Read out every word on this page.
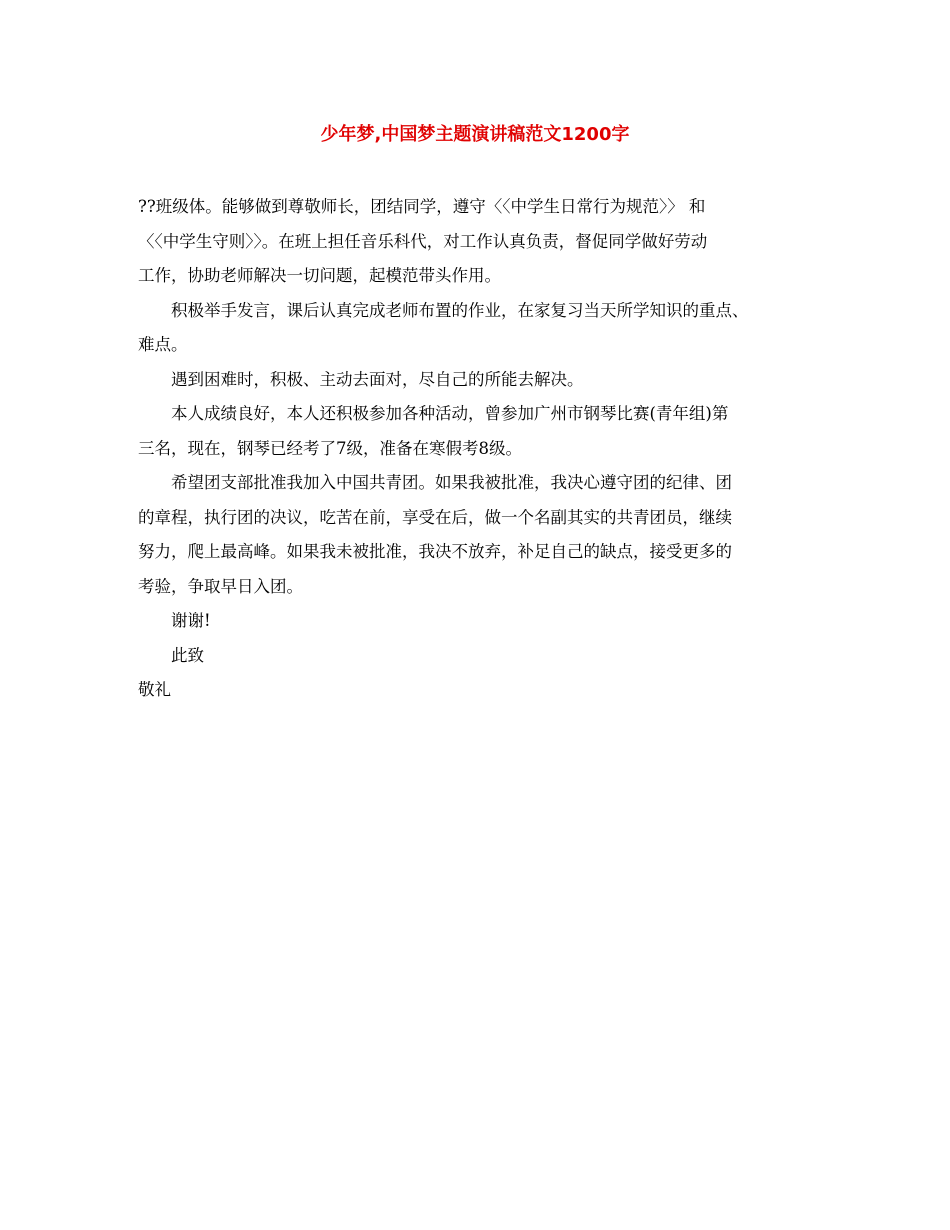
少年梦,中国梦主题演讲稿范文1200字
??班级体。能够做到尊敬师长，团结同学，遵守〈〈中学生日常行为规范〉〉 和
〈〈中学生守则〉〉。在班上担任音乐科代，对工作认真负责，督促同学做好劳动
工作，协助老师解决一切问题，起模范带头作用。
积极举手发言，课后认真完成老师布置的作业，在家复习当天所学知识的重点、
难点。
遇到困难时，积极、主动去面对，尽自己的所能去解决。
本人成绩良好，本人还积极参加各种活动，曾参加广州市钢琴比赛(青年组)第
三名，现在，钢琴已经考了7级，准备在寒假考8级。
希望团支部批准我加入中国共青团。如果我被批准，我决心遵守团的纪律、团
的章程，执行团的决议，吃苦在前，享受在后，做一个名副其实的共青团员，继续
努力，爬上最高峰。如果我未被批准，我决不放弃，补足自己的缺点，接受更多的
考验，争取早日入团。
谢谢!
此致
敬礼
